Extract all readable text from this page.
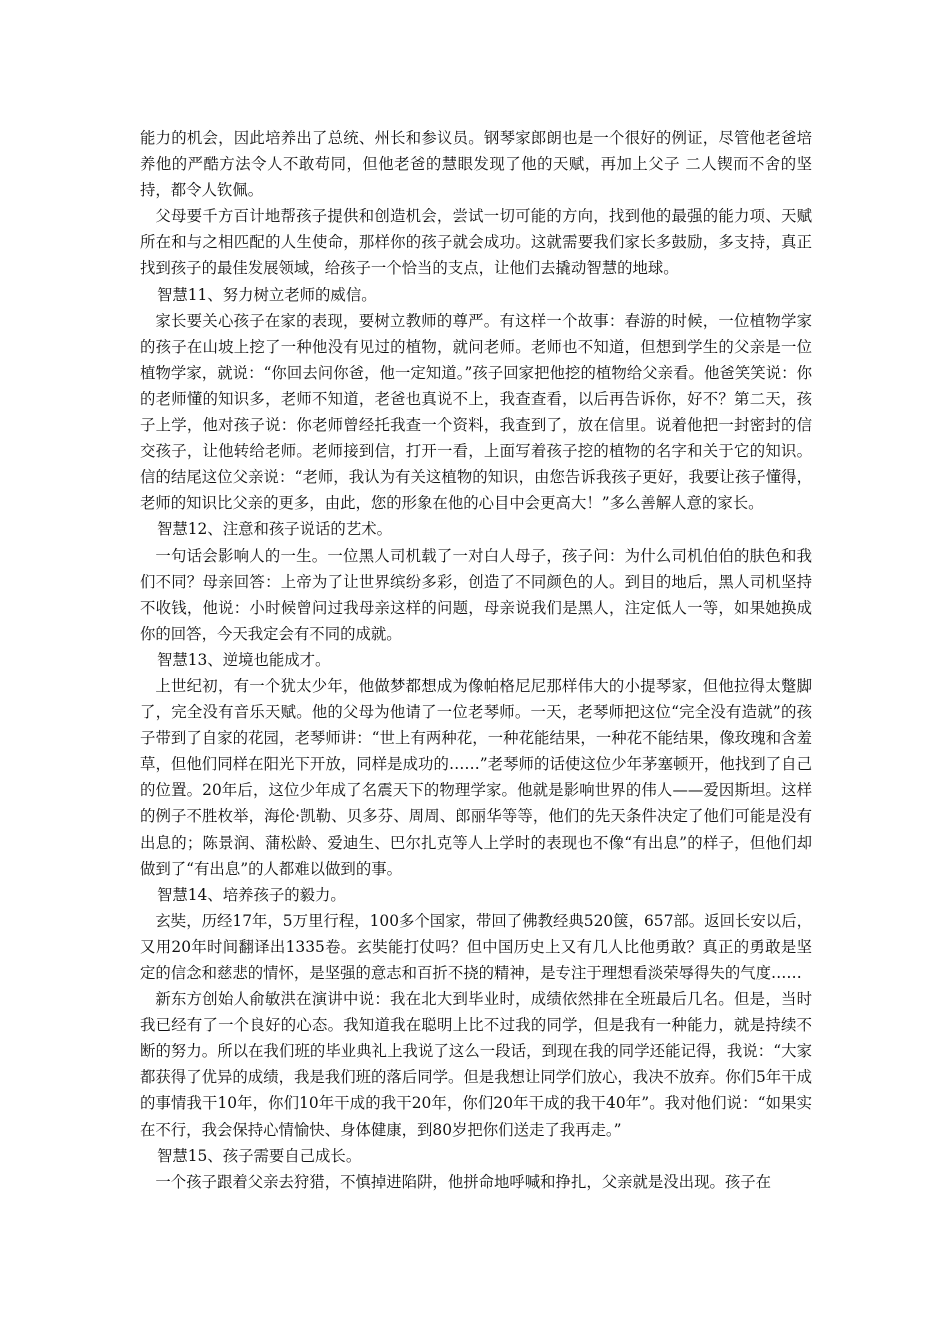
能力的机会，因此培养出了总统、州长和参议员。钢琴家郎朗也是一个很好的例证，尽管他老爸培养他的严酷方法令人不敢苟同，但他老爸的慧眼发现了他的天赋，再加上父子 二人锲而不舍的坚持，都令人钦佩。

父母要千方百计地帮孩子提供和创造机会，尝试一切可能的方向，找到他的最强的能力项、天赋所在和与之相匹配的人生使命，那样你的孩子就会成功。这就需要我们家长多鼓励，多支持，真正找到孩子的最佳发展领域，给孩子一个恰当的支点，让他们去撬动智慧的地球。

智慧11、努力树立老师的威信。

家长要关心孩子在家的表现，要树立教师的尊严。有这样一个故事：春游的时候，一位植物学家的孩子在山坡上挖了一种他没有见过的植物，就问老师。老师也不知道，但想到学生的父亲是一位植物学家，就说：“你回去问你爸，他一定知道。”孩子回家把他挖的植物给父亲看。他爸笑笑说：你的老师懂的知识多，老师不知道，老爸也真说不上，我查查看，以后再告诉你，好不？第二天，孩子上学，他对孩子说：你老师曾经托我查一个资料，我查到了，放在信里。说着他把一封密封的信交孩子，让他转给老师。老师接到信，打开一看，上面写着孩子挖的植物的名字和关于它的知识。信的结尾这位父亲说：“老师，我认为有关这植物的知识，由您告诉我孩子更好，我要让孩子懂得，老师的知识比父亲的更多，由此，您的形象在他的心目中会更高大！”多么善解人意的家长。

智慧12、注意和孩子说话的艺术。

一句话会影响人的一生。一位黑人司机载了一对白人母子，孩子问：为什么司机伯伯的肤色和我们不同？母亲回答：上帝为了让世界缤纷多彩，创造了不同颜色的人。到目的地后，黑人司机坚持不收钱，他说：小时候曾问过我母亲这样的问题，母亲说我们是黑人，注定低人一等，如果她换成你的回答，今天我定会有不同的成就。

智慧13、逆境也能成才。

上世纪初，有一个犹太少年，他做梦都想成为像帕格尼尼那样伟大的小提琴家，但他拉得太蹩脚了，完全没有音乐天赋。他的父母为他请了一位老琴师。一天，老琴师把这位“完全没有造就”的孩子带到了自家的花园，老琴师讲：“世上有两种花，一种花能结果，一种花不能结果，像玫瑰和含羞草，但他们同样在阳光下开放，同样是成功的……”老琴师的话使这位少年茅塞顿开，他找到了自己的位置。20年后，这位少年成了名震天下的物理学家。他就是影响世界的伟人——爱因斯坦。这样的例子不胜枚举，海伦·凯勒、贝多芬、周周、郎丽华等等，他们的先天条件决定了他们可能是没有出息的；陈景润、蒲松龄、爱迪生、巴尔扎克等人上学时的表现也不像“有出息”的样子，但他们却做到了“有出息”的人都难以做到的事。

智慧14、培养孩子的毅力。

玄奘，历经17年，5万里行程，100多个国家，带回了佛教经典520箧，657部。返回长安以后，又用20年时间翻译出1335卷。玄奘能打仗吗？但中国历史上又有几人比他勇敢？真正的勇敢是坚定的信念和慈悲的情怀，是坚强的意志和百折不挠的精神，是专注于理想看淡荣辱得失的气度……

新东方创始人俞敏洪在演讲中说：我在北大到毕业时，成绩依然排在全班最后几名。但是，当时我已经有了一个良好的心态。我知道我在聪明上比不过我的同学，但是我有一种能力，就是持续不断的努力。所以在我们班的毕业典礼上我说了这么一段话，到现在我的同学还能记得，我说：“大家都获得了优异的成绩，我是我们班的落后同学。但是我想让同学们放心，我决不放弃。你们5年干成的事情我干10年，你们10年干成的我干20年，你们20年干成的我干40年”。我对他们说：“如果实在不行，我会保持心情愉快、身体健康，到80岁把你们送走了我再走。”

智慧15、孩子需要自己成长。

一个孩子跟着父亲去狩猎，不慎掉进陷阱，他拼命地呼喊和挣扎，父亲就是没出现。孩子在
